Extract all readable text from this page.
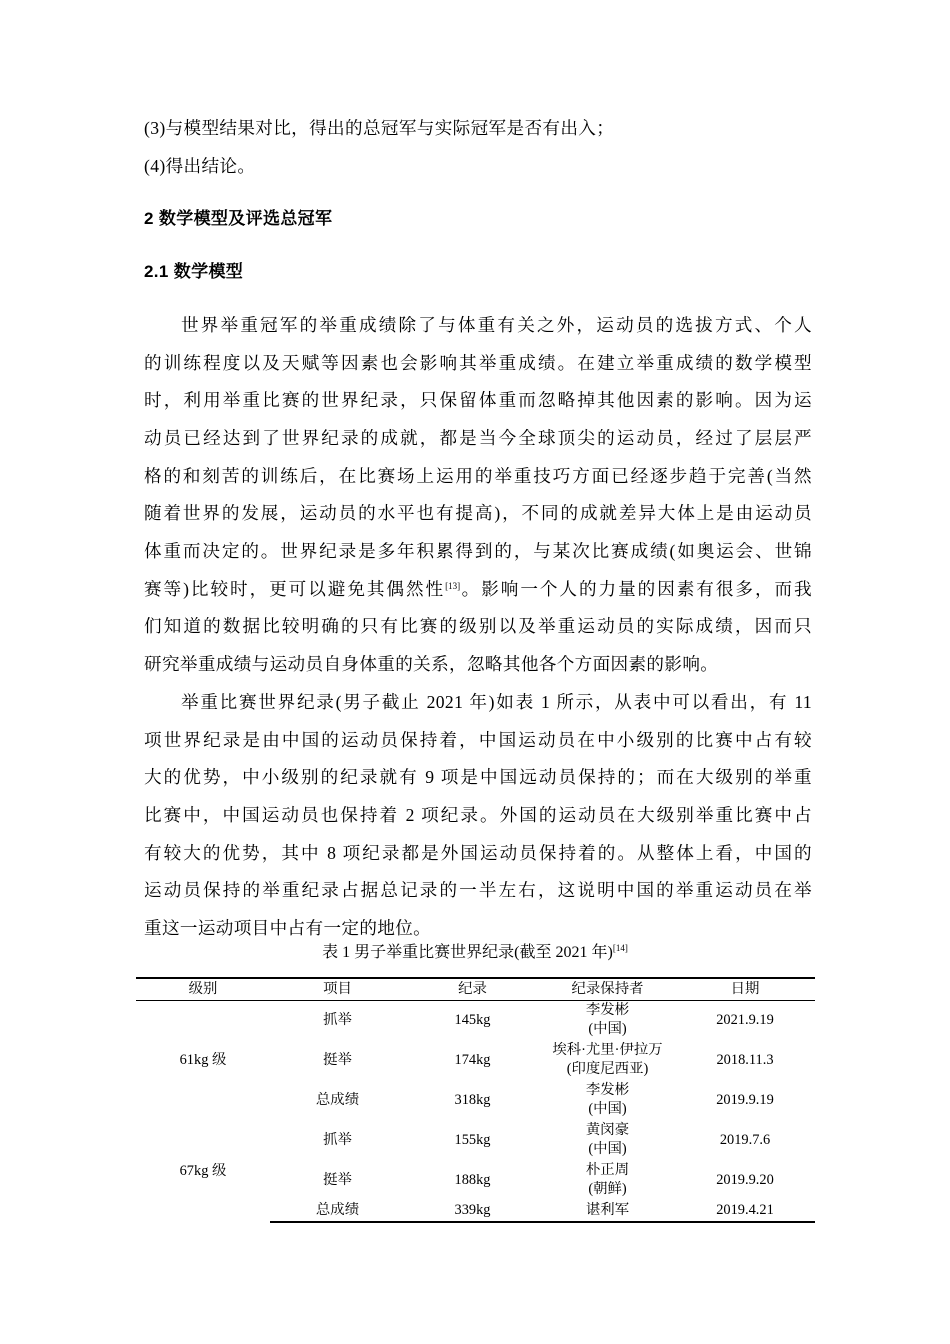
(3)与模型结果对比，得出的总冠军与实际冠军是否有出入；

(4)得出结论。

2 数学模型及评选总冠军

2.1 数学模型

世界举重冠军的举重成绩除了与体重有关之外，运动员的选拔方式、个人

的训练程度以及天赋等因素也会影响其举重成绩。在建立举重成绩的数学模型

时，利用举重比赛的世界纪录，只保留体重而忽略掉其他因素的影响。因为运

动员已经达到了世界纪录的成就，都是当今全球顶尖的运动员，经过了层层严

格的和刻苦的训练后，在比赛场上运用的举重技巧方面已经逐步趋于完善(当然

随着世界的发展，运动员的水平也有提高)，不同的成就差异大体上是由运动员

体重而决定的。世界纪录是多年积累得到的，与某次比赛成绩(如奥运会、世锦

赛等)比较时，更可以避免其偶然性[13]。影响一个人的力量的因素有很多，而我

们知道的数据比较明确的只有比赛的级别以及举重运动员的实际成绩，因而只

研究举重成绩与运动员自身体重的关系，忽略其他各个方面因素的影响。

举重比赛世界纪录(男子截止 2021 年)如表 1 所示，从表中可以看出，有 11

项世界纪录是由中国的运动员保持着，中国运动员在中小级别的比赛中占有较

大的优势，中小级别的纪录就有 9 项是中国远动员保持的；而在大级别的举重

比赛中，中国运动员也保持着 2 项纪录。外国的运动员在大级别举重比赛中占

有较大的优势，其中 8 项纪录都是外国运动员保持着的。从整体上看，中国的

运动员保持的举重纪录占据总记录的一半左右，这说明中国的举重运动员在举

重这一运动项目中占有一定的地位。

表 1 男子举重比赛世界纪录(截至 2021 年)[14]
级别	项目	纪录	纪录保持者	日期
61kg 级	抓举	145kg	李发彬
(中国)	2021.9.19
	挺举	174kg	埃科·尤里·伊拉万
(印度尼西亚)	2018.11.3
	总成绩	318kg	李发彬
(中国)	2019.9.19
67kg 级	抓举	155kg	黄闵豪
(中国)	2019.7.6
	挺举	188kg	朴正周
(朝鲜)	2019.9.20
	总成绩	339kg	谌利军	2019.4.21
